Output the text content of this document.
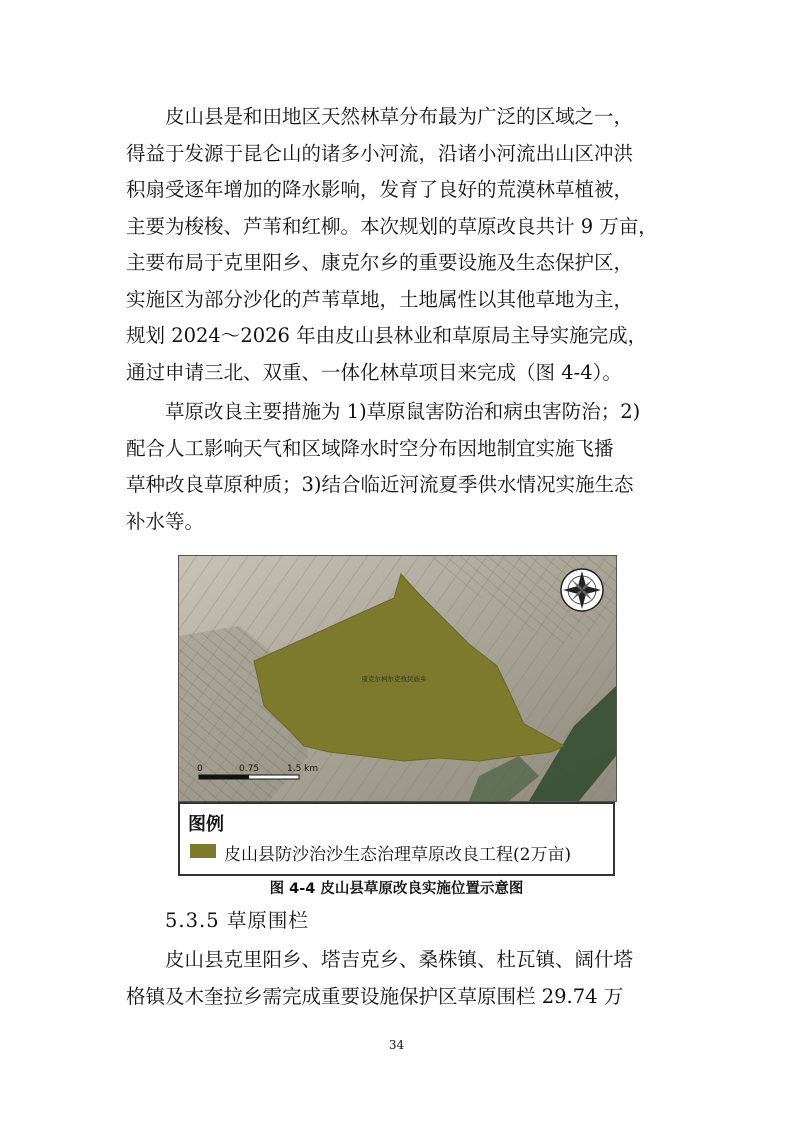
　　皮山县是和田地区天然林草分布最为广泛的区域之一，
得益于发源于昆仑山的诸多小河流，沿诸小河流出山区冲洪
积扇受逐年增加的降水影响，发育了良好的荒漠林草植被，
主要为梭梭、芦苇和红柳。本次规划的草原改良共计 9 万亩，
主要布局于克里阳乡、康克尔乡的重要设施及生态保护区，
实施区为部分沙化的芦苇草地，土地属性以其他草地为主，
规划 2024～2026 年由皮山县林业和草原局主导实施完成，
通过申请三北、双重、一体化林草项目来完成（图 4-4）。
　　草原改良主要措施为 1)草原鼠害防治和病虫害防治；2)
配合人工影响天气和区域降水时空分布因地制宜实施飞播
草种改良草原种质；3)结合临近河流夏季供水情况实施生态
补水等。
康克尔柯尔克孜民族乡
0	0.75	1.5 km
图例
皮山县防沙治沙生态治理草原改良工程(2万亩)
图 4-4 皮山县草原改良实施位置示意图
5.3.5 草原围栏
　　皮山县克里阳乡、塔吉克乡、桑株镇、杜瓦镇、阔什塔
格镇及木奎拉乡需完成重要设施保护区草原围栏 29.74 万
34
